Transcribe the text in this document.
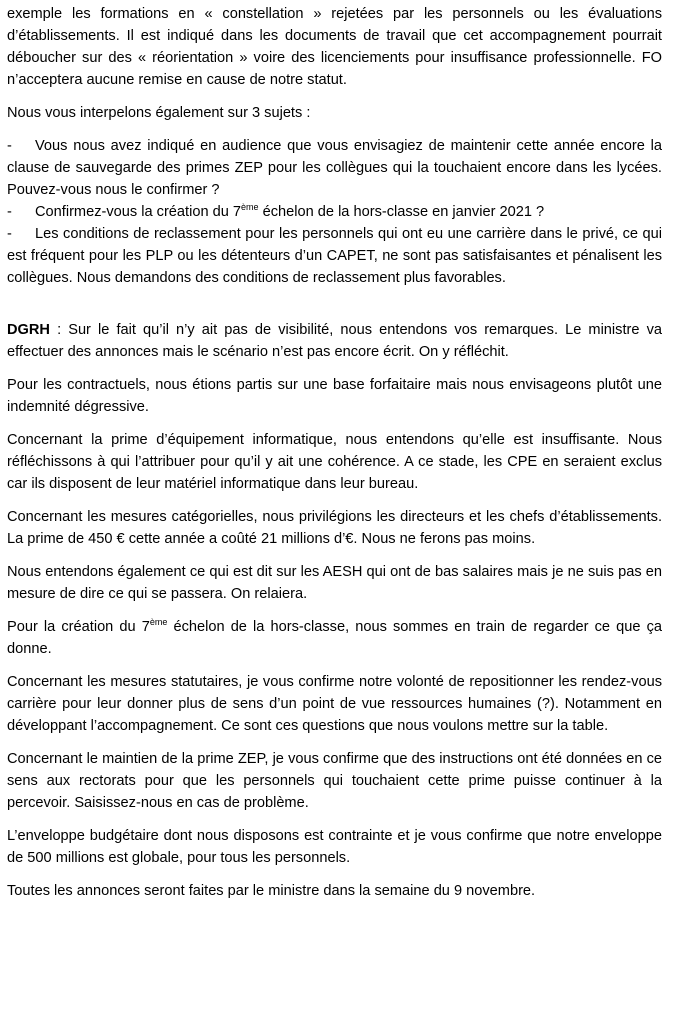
exemple les formations en « constellation » rejetées par les personnels ou les évaluations d’établissements. Il est indiqué dans les documents de travail que cet accompagnement pourrait déboucher sur des « réorientation » voire des licenciements pour insuffisance professionnelle. FO n’acceptera aucune remise en cause de notre statut.

Nous vous interpelons également sur 3 sujets :

- Vous nous avez indiqué en audience que vous envisagiez de maintenir cette année encore la clause de sauvegarde des primes ZEP pour les collègues qui la touchaient encore dans les lycées. Pouvez-vous nous le confirmer ?
- Confirmez-vous la création du 7ème échelon de la hors-classe en janvier 2021 ?
- Les conditions de reclassement pour les personnels qui ont eu une carrière dans le privé, ce qui est fréquent pour les PLP ou les détenteurs d’un CAPET, ne sont pas satisfaisantes et pénalisent les collègues. Nous demandons des conditions de reclassement plus favorables.

DGRH : Sur le fait qu’il n’y ait pas de visibilité, nous entendons vos remarques. Le ministre va effectuer des annonces mais le scénario n’est pas encore écrit. On y réfléchit.

Pour les contractuels, nous étions partis sur une base forfaitaire mais nous envisageons plutôt une indemnité dégressive.

Concernant la prime d’équipement informatique, nous entendons qu’elle est insuffisante. Nous réfléchissons à qui l’attribuer pour qu’il y ait une cohérence. A ce stade, les CPE en seraient exclus car ils disposent de leur matériel informatique dans leur bureau.

Concernant les mesures catégorielles, nous privilégions les directeurs et les chefs d’établissements. La prime de 450 € cette année a coûté 21 millions d’€. Nous ne ferons pas moins.

Nous entendons également ce qui est dit sur les AESH qui ont de bas salaires mais je ne suis pas en mesure de dire ce qui se passera. On relaiera.

Pour la création du 7ème échelon de la hors-classe, nous sommes en train de regarder ce que ça donne.

Concernant les mesures statutaires, je vous confirme notre volonté de repositionner les rendez-vous carrière pour leur donner plus de sens d’un point de vue ressources humaines (?). Notamment en développant l’accompagnement. Ce sont ces questions que nous voulons mettre sur la table.

Concernant le maintien de la prime ZEP, je vous confirme que des instructions ont été données en ce sens aux rectorats pour que les personnels qui touchaient cette prime puisse continuer à la percevoir. Saisissez-nous en cas de problème.

L’enveloppe budgétaire dont nous disposons est contrainte et je vous confirme que notre enveloppe de 500 millions est globale, pour tous les personnels.

Toutes les annonces seront faites par le ministre dans la semaine du 9 novembre.
